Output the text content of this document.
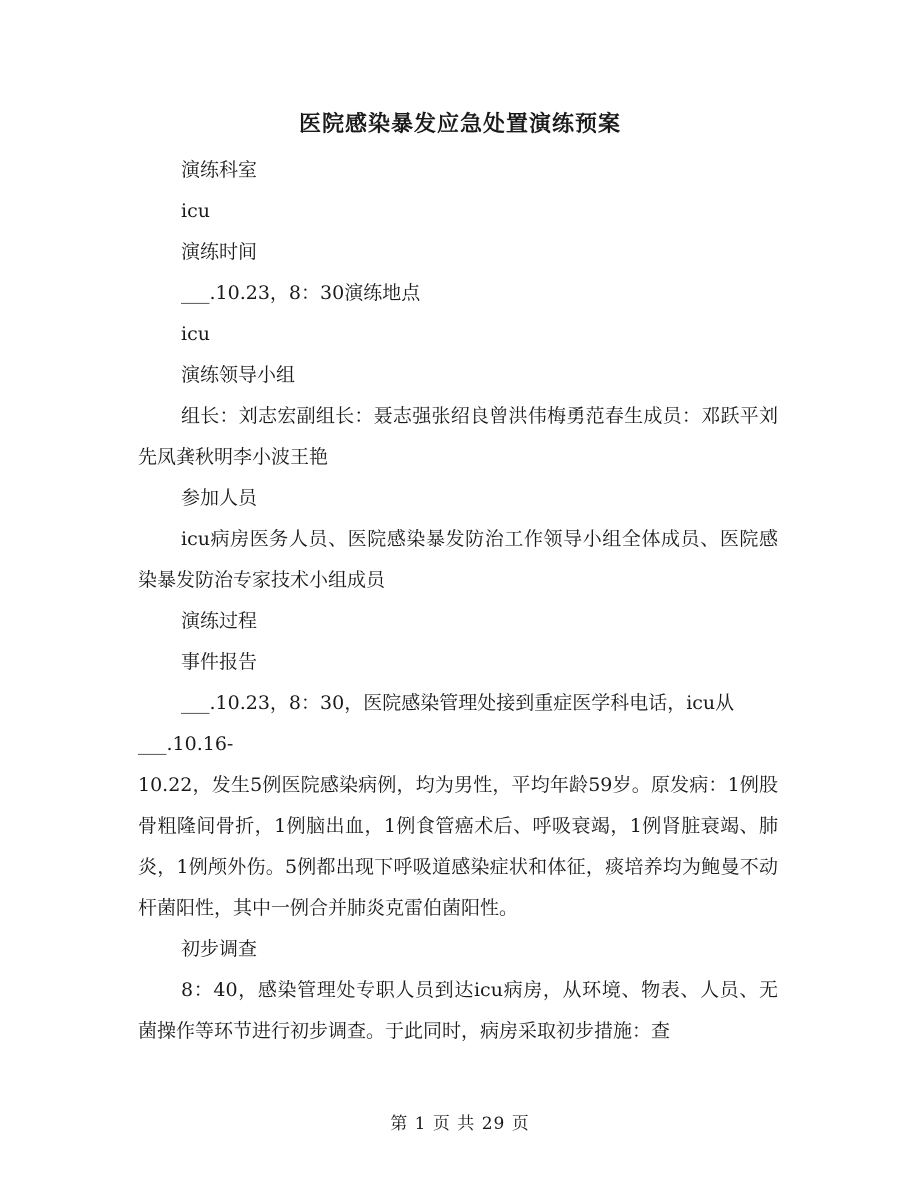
医院感染暴发应急处置演练预案

演练科室

icu

演练时间

___.10.23，8：30演练地点

icu

演练领导小组

组长：刘志宏副组长：聂志强张绍良曾洪伟梅勇范春生成员：邓跃平刘先凤龚秋明李小波王艳

参加人员

icu病房医务人员、医院感染暴发防治工作领导小组全体成员、医院感染暴发防治专家技术小组成员

演练过程

事件报告

___.10.23，8：30，医院感染管理处接到重症医学科电话，icu从

___.10.16-

10.22，发生5例医院感染病例，均为男性，平均年龄59岁。原发病：1例股骨粗隆间骨折，1例脑出血，1例食管癌术后、呼吸衰竭，1例肾脏衰竭、肺炎，1例颅外伤。5例都出现下呼吸道感染症状和体征，痰培养均为鲍曼不动杆菌阳性，其中一例合并肺炎克雷伯菌阳性。

初步调查

8：40，感染管理处专职人员到达icu病房，从环境、物表、人员、无菌操作等环节进行初步调查。于此同时，病房采取初步措施：查

第 1 页 共 29 页
